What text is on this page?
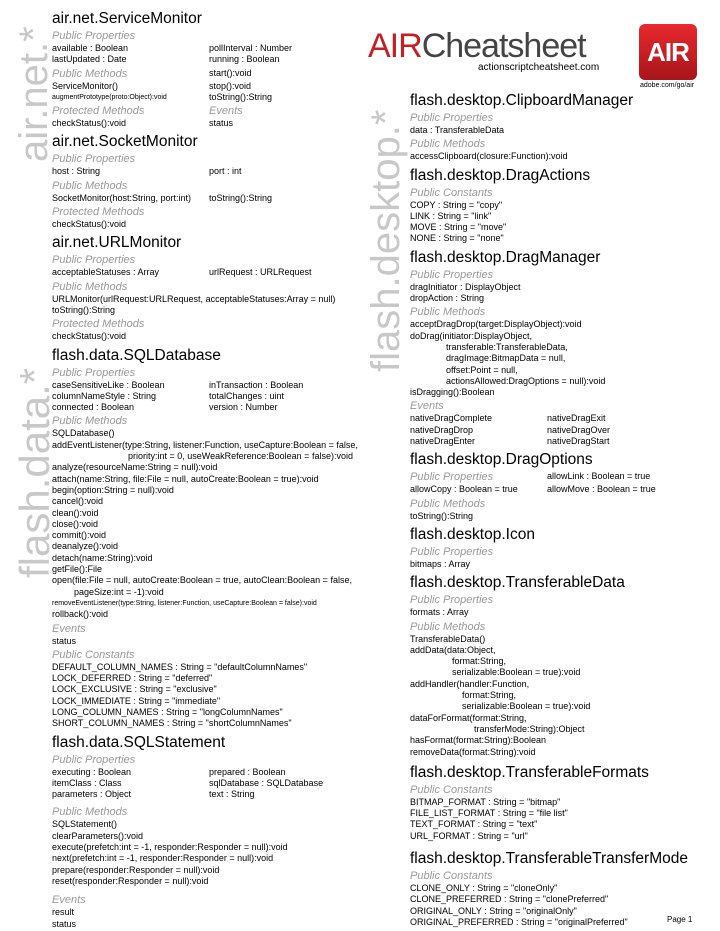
air.net.*
flash.data.*
flash.desktop.*
AIRCheatsheet
actionscriptcheatsheet.com
AIR
adobe.com/go/air
air.net.ServiceMonitor
Public Properties
available : Boolean	pollInterval : Number
lastUpdated : Date	running : Boolean
Public Methods	start():void
ServiceMonitor()	stop():void
augmentPrototype(proto:Object):void	toString():String
Protected Methods	Events
checkStatus():void	status
air.net.SocketMonitor
Public Properties
host : String	port : int
Public Methods
SocketMonitor(host:String, port:int)	toString():String
Protected Methods
checkStatus():void
air.net.URLMonitor
Public Properties
acceptableStatuses : Array	urlRequest : URLRequest
Public Methods
URLMonitor(urlRequest:URLRequest, acceptableStatuses:Array = null)
toString():String
Protected Methods
checkStatus():void
flash.data.SQLDatabase
Public Properties
caseSensitiveLike : Boolean	inTransaction : Boolean
columnNameStyle : String	totalChanges : uint
connected : Boolean	version : Number
Public Methods
SQLDatabase()
addEventListener(type:String, listener:Function, useCapture:Boolean = false,
priority:int = 0, useWeakReference:Boolean = false):void
analyze(resourceName:String = null):void
attach(name:String, file:File = null, autoCreate:Boolean = true):void
begin(option:String = null):void
cancel():void
clean():void
close():void
commit():void
deanalyze():void
detach(name:String):void
getFile():File
open(file:File = null, autoCreate:Boolean = true, autoClean:Boolean = false,
pageSize:int = -1):void
removeEventListener(type:String, listener:Function, useCapture:Boolean = false):void
rollback():void
Events
status
Public Constants
DEFAULT_COLUMN_NAMES : String = "defaultColumnNames"
LOCK_DEFERRED : String = "deferred"
LOCK_EXCLUSIVE : String = "exclusive"
LOCK_IMMEDIATE : String = "immediate"
LONG_COLUMN_NAMES : String = "longColumnNames"
SHORT_COLUMN_NAMES : String = "shortColumnNames"
flash.data.SQLStatement
Public Properties
executing : Boolean	prepared : Boolean
itemClass : Class	sqlDatabase : SQLDatabase
parameters : Object	text : String
Public Methods
SQLStatement()
clearParameters():void
execute(prefetch:int = -1, responder:Responder = null):void
next(prefetch:int = -1, responder:Responder = null):void
prepare(responder:Responder = null):void
reset(responder:Responder = null):void
Events
result
status
flash.desktop.ClipboardManager
Public Properties
data : TransferableData
Public Methods
accessClipboard(closure:Function):void
flash.desktop.DragActions
Public Constants
COPY : String = "copy"
LINK : String = "link"
MOVE : String = "move"
NONE : String = "none"
flash.desktop.DragManager
Public Properties
dragInitiator : DisplayObject
dropAction : String
Public Methods
acceptDragDrop(target:DisplayObject):void
doDrag(initiator:DisplayObject,
transferable:TransferableData,
dragImage:BitmapData = null,
offset:Point = null,
actionsAllowed:DragOptions = null):void
isDragging():Boolean
Events
nativeDragComplete	nativeDragExit
nativeDragDrop	nativeDragOver
nativeDragEnter	nativeDragStart
flash.desktop.DragOptions
Public Properties	allowLink : Boolean = true
allowCopy : Boolean = true	allowMove : Boolean = true
Public Methods
toString():String
flash.desktop.Icon
Public Properties
bitmaps : Array
flash.desktop.TransferableData
Public Properties
formats : Array
Public Methods
TransferableData()
addData(data:Object,
format:String,
serializable:Boolean = true):void
addHandler(handler:Function,
format:String,
serializable:Boolean = true):void
dataForFormat(format:String,
transferMode:String):Object
hasFormat(format:String):Boolean
removeData(format:String):void
flash.desktop.TransferableFormats
Public Constants
BITMAP_FORMAT : String = "bitmap"
FILE_LIST_FORMAT : String = "file list"
TEXT_FORMAT : String = "text"
URL_FORMAT : String = "url"
flash.desktop.TransferableTransferMode
Public Constants
CLONE_ONLY : String = "cloneOnly"
CLONE_PREFERRED : String = "clonePreferred"
ORIGINAL_ONLY : String = "originalOnly"
ORIGINAL_PREFERRED : String = "originalPreferred"	Page 1
